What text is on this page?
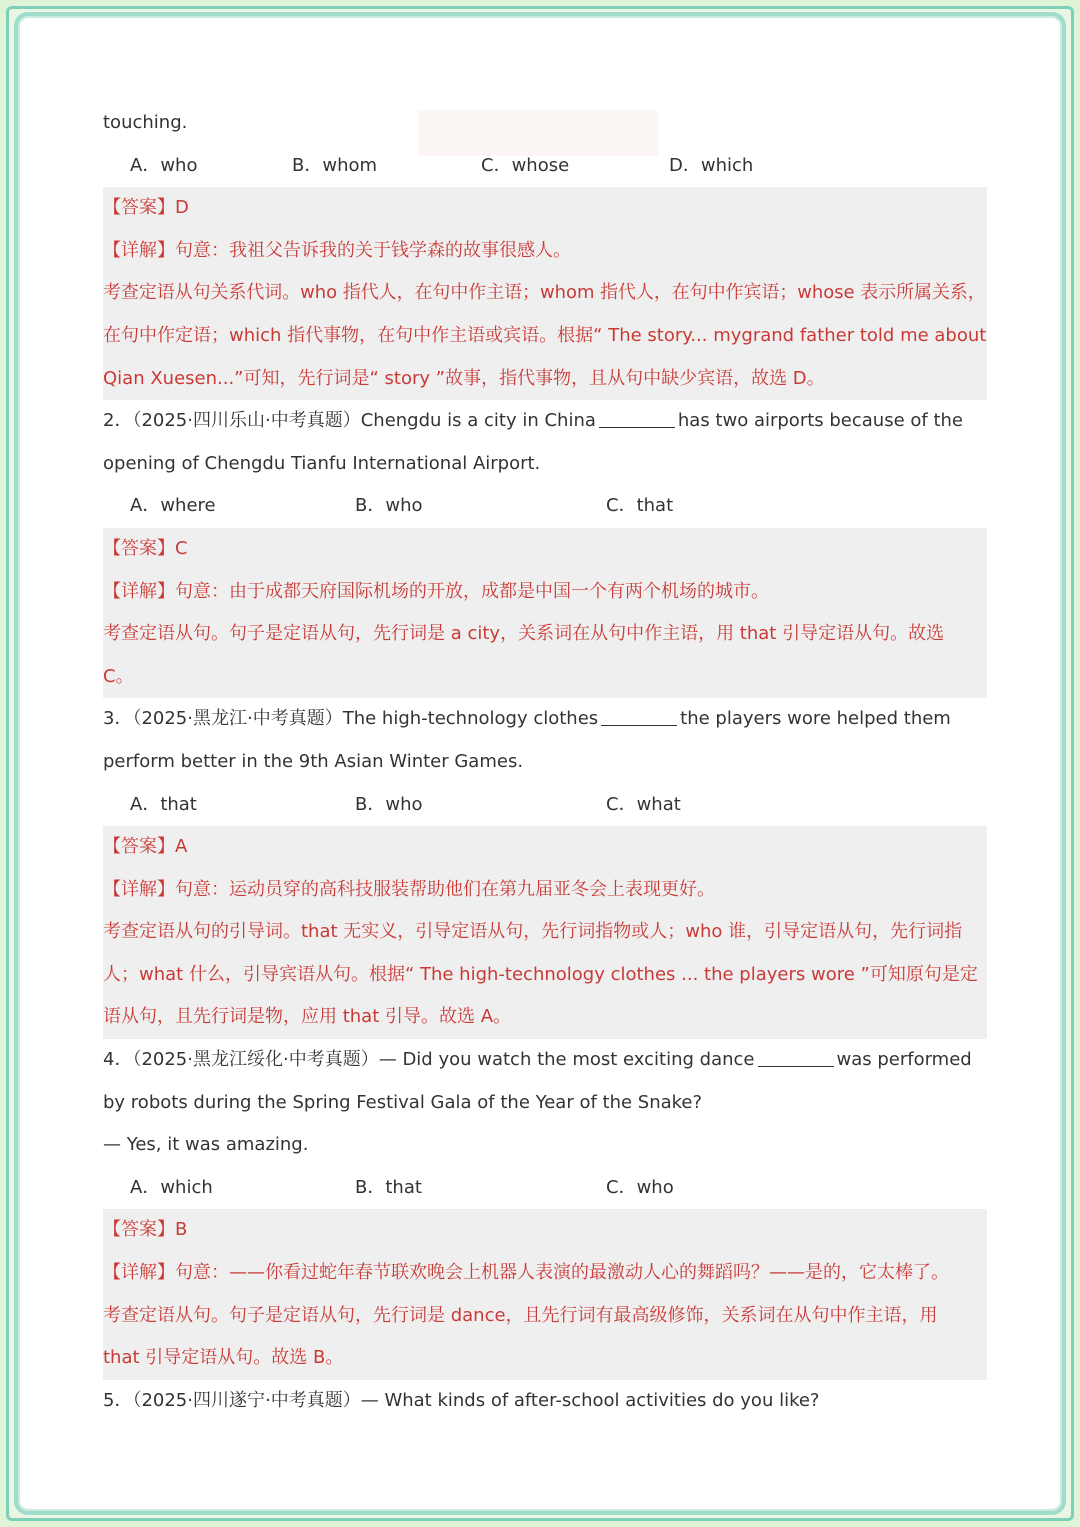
touching.
A．who	B．whom	C．whose	D．which
【答案】D
【详解】句意：我祖父告诉我的关于钱学森的故事很感人。
考查定语从句关系代词。who 指代人，在句中作主语；whom 指代人，在句中作宾语；whose 表示所属关系，
在句中作定语；which 指代事物，在句中作主语或宾语。根据“ The story... mygrand father told me about
Qian Xuesen...”可知，先行词是“ story ”故事，指代事物，且从句中缺少宾语，故选 D。
2．（2025·四川乐山·中考真题）Chengdu is a city in China	has two airports because of the
opening of Chengdu Tianfu International Airport.
A．where	B．who	C．that
【答案】C
【详解】句意：由于成都天府国际机场的开放，成都是中国一个有两个机场的城市。
考查定语从句。句子是定语从句，先行词是 a city，关系词在从句中作主语，用 that 引导定语从句。故选
C。
3．（2025·黑龙江·中考真题）The high-technology clothes	the players wore helped them
perform better in the 9th Asian Winter Games.
A．that	B．who	C．what
【答案】A
【详解】句意：运动员穿的高科技服装帮助他们在第九届亚冬会上表现更好。
考查定语从句的引导词。that 无实义，引导定语从句，先行词指物或人；who 谁，引导定语从句，先行词指
人；what 什么，引导宾语从句。根据“ The high-technology clothes ... the players wore ”可知原句是定
语从句，且先行词是物，应用 that 引导。故选 A。
4．（2025·黑龙江绥化·中考真题）— Did you watch the most exciting dance	was performed
by robots during the Spring Festival Gala of the Year of the Snake?
— Yes, it was amazing.
A．which	B．that	C．who
【答案】B
【详解】句意：——你看过蛇年春节联欢晚会上机器人表演的最激动人心的舞蹈吗？——是的，它太棒了。
考查定语从句。句子是定语从句，先行词是 dance，且先行词有最高级修饰，关系词在从句中作主语，用
that 引导定语从句。故选 B。
5．（2025·四川遂宁·中考真题）— What kinds of after-school activities do you like?
